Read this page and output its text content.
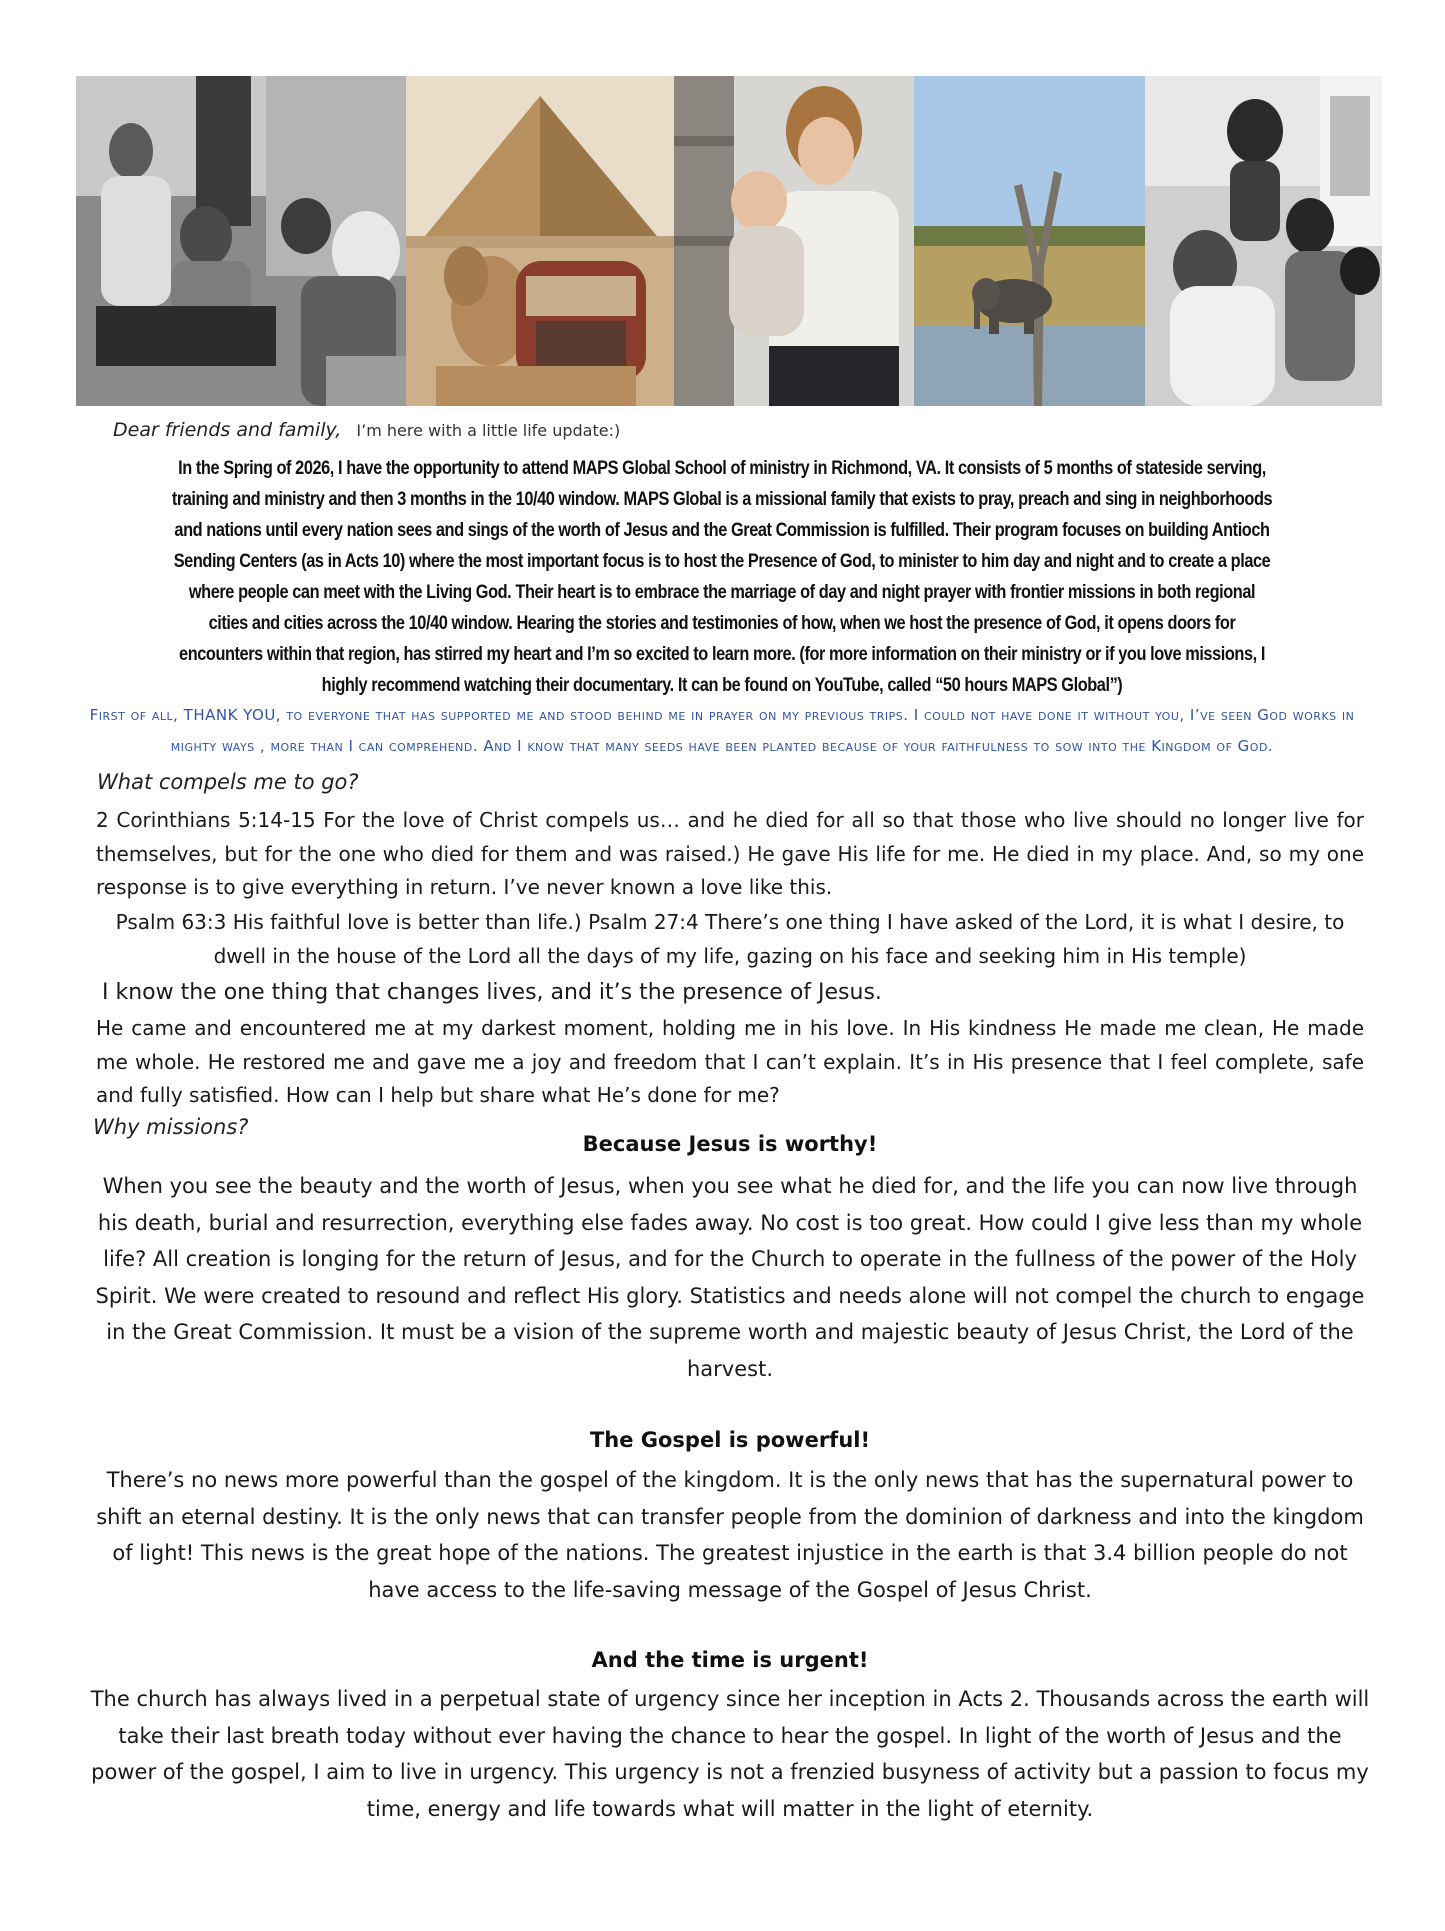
Dear friends and family, I’m here with a little life update:)
In the Spring of 2026, I have the opportunity to attend MAPS Global School of ministry in Richmond, VA. It consists of 5 months of stateside serving, training and ministry and then 3 months in the 10/40 window. MAPS Global is a missional family that exists to pray, preach and sing in neighborhoods and nations until every nation sees and sings of the worth of Jesus and the Great Commission is fulfilled. Their program focuses on building Antioch Sending Centers (as in Acts 10) where the most important focus is to host the Presence of God, to minister to him day and night and to create a place where people can meet with the Living God. Their heart is to embrace the marriage of day and night prayer with frontier missions in both regional cities and cities across the 10/40 window. Hearing the stories and testimonies of how, when we host the presence of God, it opens doors for encounters within that region, has stirred my heart and I’m so excited to learn more. (for more information on their ministry or if you love missions, I highly recommend watching their documentary. It can be found on YouTube, called “50 hours MAPS Global”)
First of all, THANK YOU, to everyone that has supported me and stood behind me in prayer on my previous trips. I could not have done it without you, I’ve seen God works in mighty ways , more than I can comprehend. And I know that many seeds have been planted because of your faithfulness to sow into the Kingdom of God.
What compels me to go?
2 Corinthians 5:14-15 For the love of Christ compels us… and he died for all so that those who live should no longer live for themselves, but for the one who died for them and was raised.) He gave His life for me. He died in my place. And, so my one response is to give everything in return. I’ve never known a love like this.
Psalm 63:3 His faithful love is better than life.) Psalm 27:4 There’s one thing I have asked of the Lord, it is what I desire, to dwell in the house of the Lord all the days of my life, gazing on his face and seeking him in His temple)
I know the one thing that changes lives, and it’s the presence of Jesus.
He came and encountered me at my darkest moment, holding me in his love. In His kindness He made me clean, He made me whole. He restored me and gave me a joy and freedom that I can’t explain. It’s in His presence that I feel complete, safe and fully satisfied. How can I help but share what He’s done for me?
Why missions?
Because Jesus is worthy!
When you see the beauty and the worth of Jesus, when you see what he died for, and the life you can now live through his death, burial and resurrection, everything else fades away. No cost is too great. How could I give less than my whole life? All creation is longing for the return of Jesus, and for the Church to operate in the fullness of the power of the Holy Spirit. We were created to resound and reflect His glory. Statistics and needs alone will not compel the church to engage in the Great Commission. It must be a vision of the supreme worth and majestic beauty of Jesus Christ, the Lord of the harvest.
The Gospel is powerful!
There’s no news more powerful than the gospel of the kingdom. It is the only news that has the supernatural power to shift an eternal destiny. It is the only news that can transfer people from the dominion of darkness and into the kingdom of light! This news is the great hope of the nations. The greatest injustice in the earth is that 3.4 billion people do not have access to the life-saving message of the Gospel of Jesus Christ.
And the time is urgent!
The church has always lived in a perpetual state of urgency since her inception in Acts 2. Thousands across the earth will take their last breath today without ever having the chance to hear the gospel. In light of the worth of Jesus and the power of the gospel, I aim to live in urgency. This urgency is not a frenzied busyness of activity but a passion to focus my time, energy and life towards what will matter in the light of eternity.
